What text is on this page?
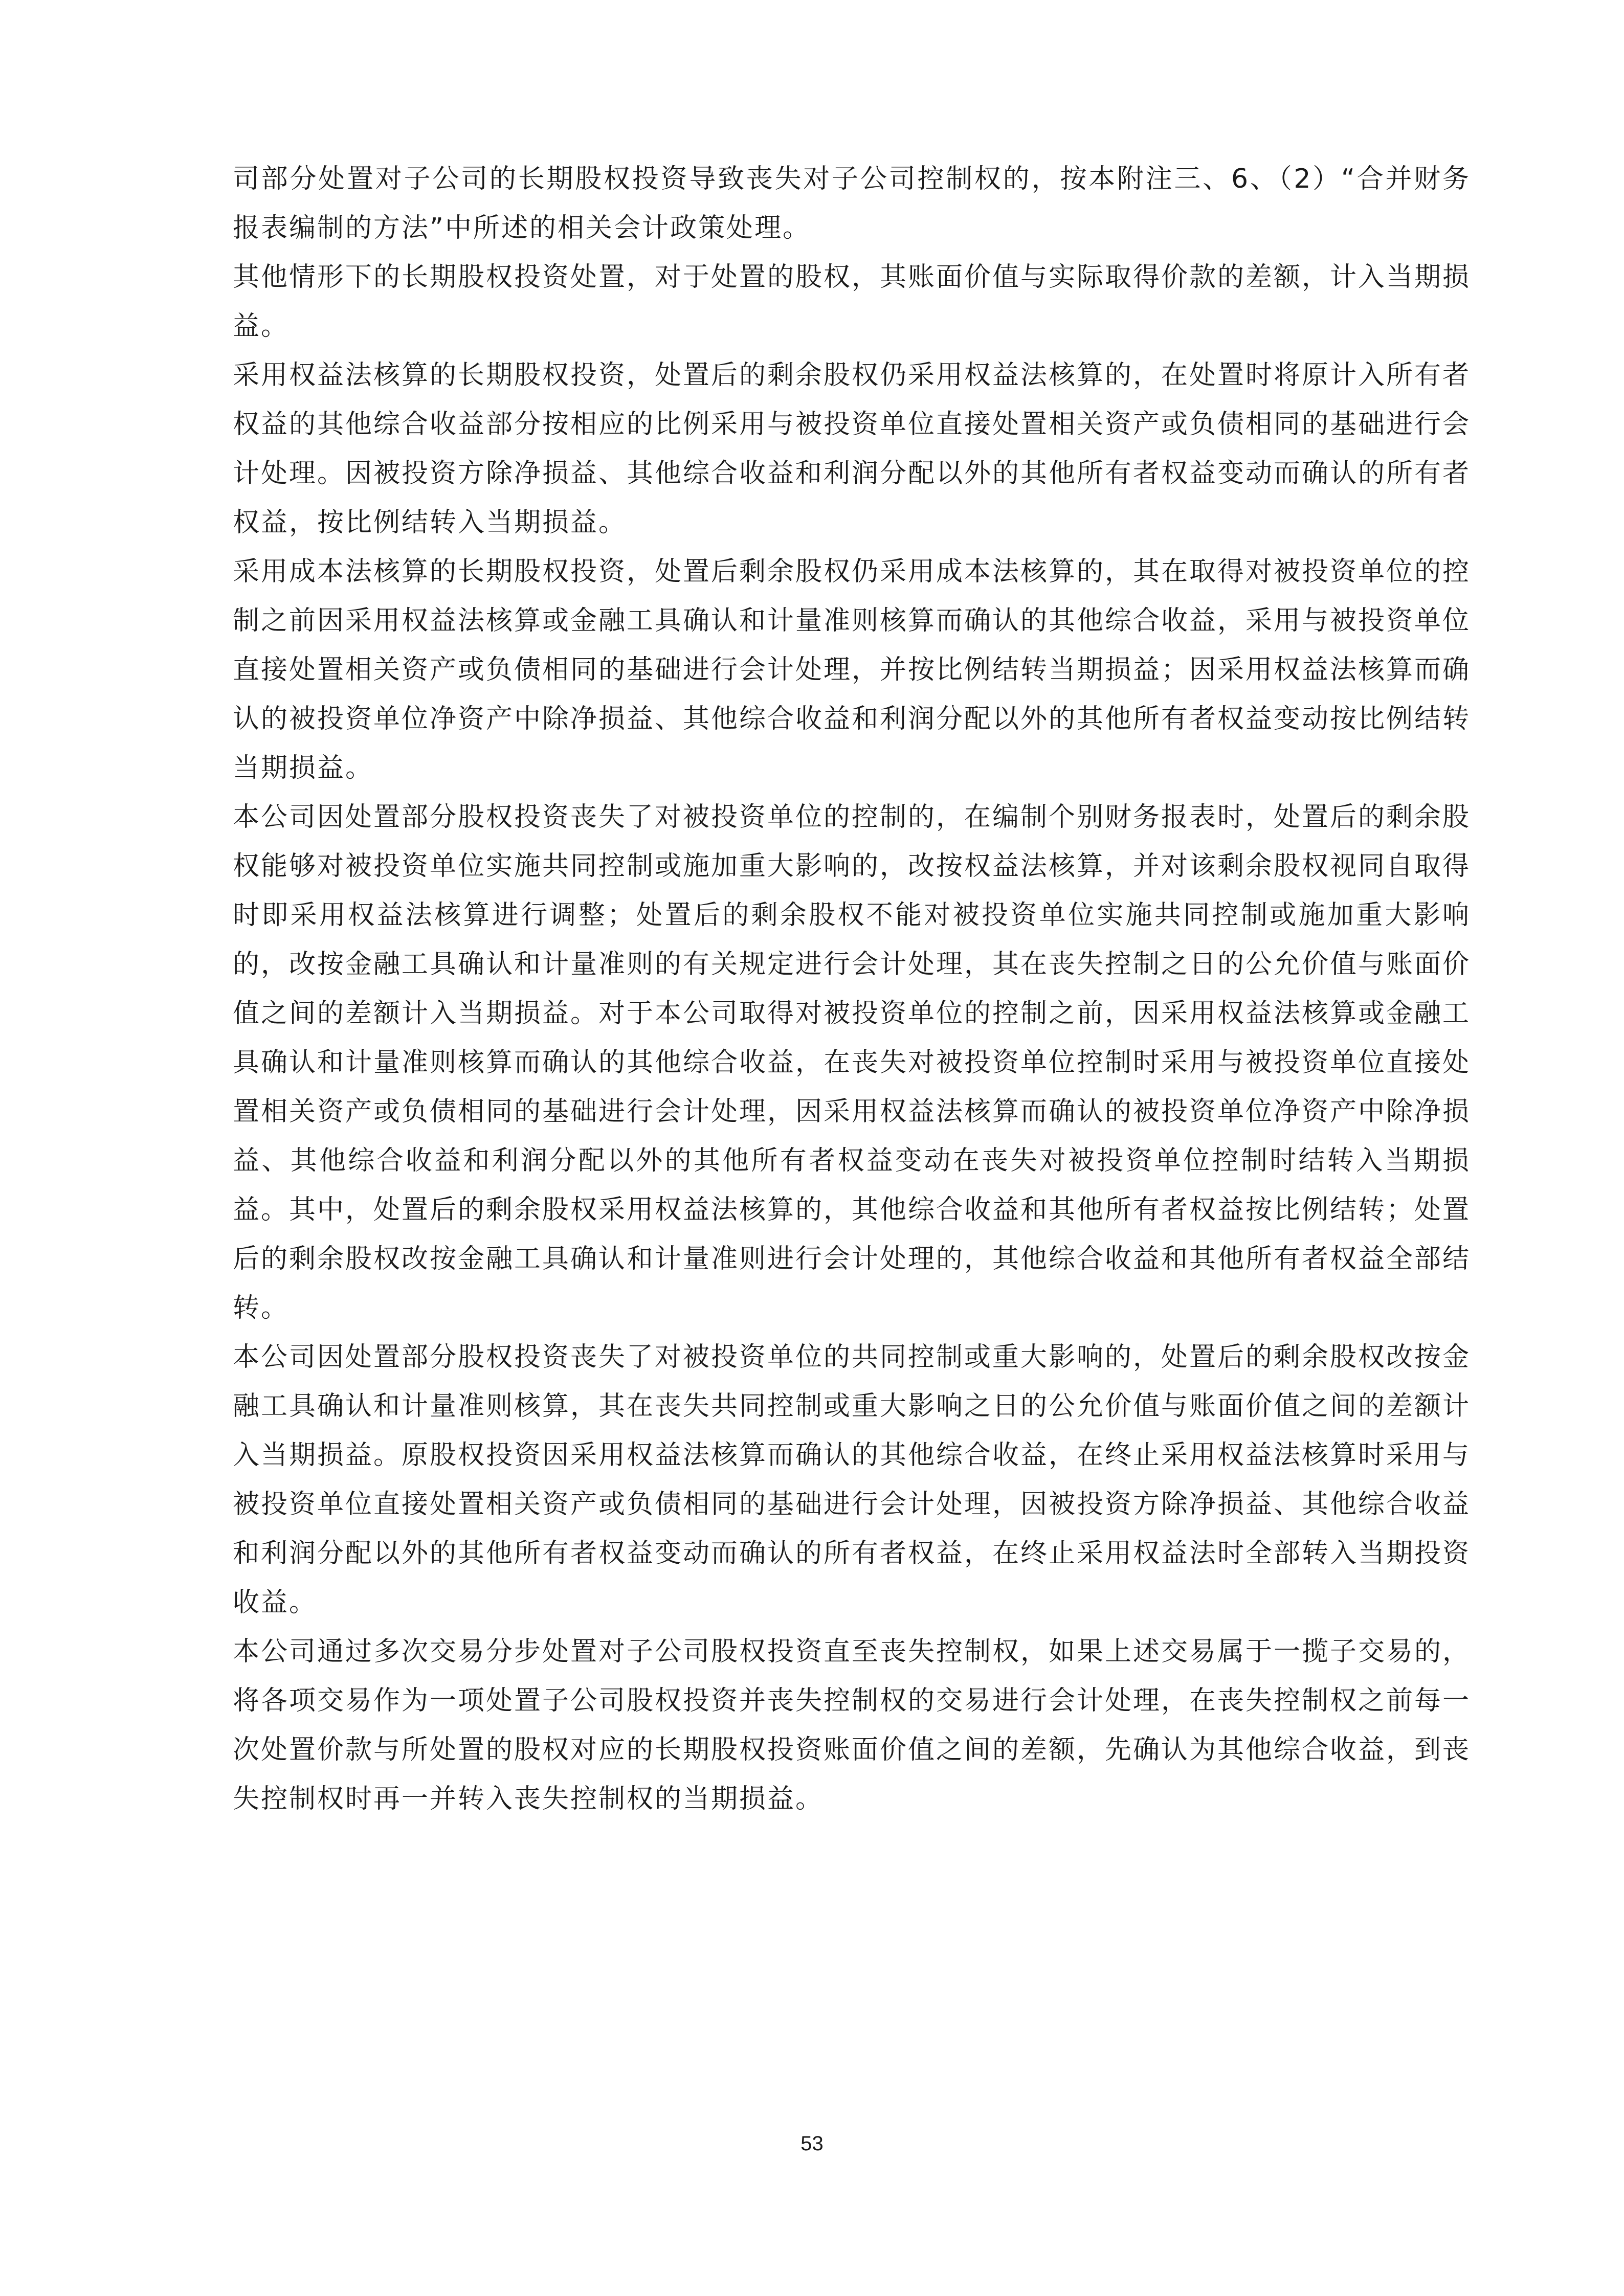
司部分处置对子公司的长期股权投资导致丧失对子公司控制权的，按本附注三、6、（2）“合并财务报表编制的方法”中所述的相关会计政策处理。

其他情形下的长期股权投资处置，对于处置的股权，其账面价值与实际取得价款的差额，计入当期损益。

采用权益法核算的长期股权投资，处置后的剩余股权仍采用权益法核算的，在处置时将原计入所有者权益的其他综合收益部分按相应的比例采用与被投资单位直接处置相关资产或负债相同的基础进行会计处理。因被投资方除净损益、其他综合收益和利润分配以外的其他所有者权益变动而确认的所有者权益，按比例结转入当期损益。

采用成本法核算的长期股权投资，处置后剩余股权仍采用成本法核算的，其在取得对被投资单位的控制之前因采用权益法核算或金融工具确认和计量准则核算而确认的其他综合收益，采用与被投资单位直接处置相关资产或负债相同的基础进行会计处理，并按比例结转当期损益；因采用权益法核算而确认的被投资单位净资产中除净损益、其他综合收益和利润分配以外的其他所有者权益变动按比例结转当期损益。

本公司因处置部分股权投资丧失了对被投资单位的控制的，在编制个别财务报表时，处置后的剩余股权能够对被投资单位实施共同控制或施加重大影响的，改按权益法核算，并对该剩余股权视同自取得时即采用权益法核算进行调整；处置后的剩余股权不能对被投资单位实施共同控制或施加重大影响的，改按金融工具确认和计量准则的有关规定进行会计处理，其在丧失控制之日的公允价值与账面价值之间的差额计入当期损益。对于本公司取得对被投资单位的控制之前，因采用权益法核算或金融工具确认和计量准则核算而确认的其他综合收益，在丧失对被投资单位控制时采用与被投资单位直接处置相关资产或负债相同的基础进行会计处理，因采用权益法核算而确认的被投资单位净资产中除净损益、其他综合收益和利润分配以外的其他所有者权益变动在丧失对被投资单位控制时结转入当期损益。其中，处置后的剩余股权采用权益法核算的，其他综合收益和其他所有者权益按比例结转；处置后的剩余股权改按金融工具确认和计量准则进行会计处理的，其他综合收益和其他所有者权益全部结转。

本公司因处置部分股权投资丧失了对被投资单位的共同控制或重大影响的，处置后的剩余股权改按金融工具确认和计量准则核算，其在丧失共同控制或重大影响之日的公允价值与账面价值之间的差额计入当期损益。原股权投资因采用权益法核算而确认的其他综合收益，在终止采用权益法核算时采用与被投资单位直接处置相关资产或负债相同的基础进行会计处理，因被投资方除净损益、其他综合收益和利润分配以外的其他所有者权益变动而确认的所有者权益，在终止采用权益法时全部转入当期投资收益。

本公司通过多次交易分步处置对子公司股权投资直至丧失控制权，如果上述交易属于一揽子交易的，将各项交易作为一项处置子公司股权投资并丧失控制权的交易进行会计处理，在丧失控制权之前每一次处置价款与所处置的股权对应的长期股权投资账面价值之间的差额，先确认为其他综合收益，到丧失控制权时再一并转入丧失控制权的当期损益。

53
